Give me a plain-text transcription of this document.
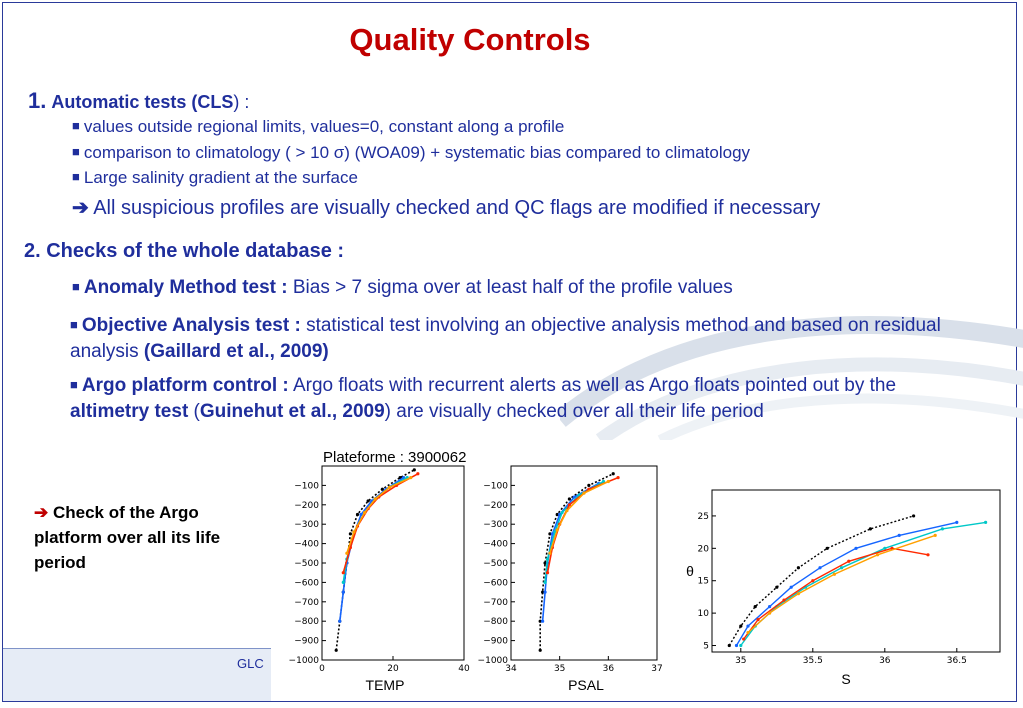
Quality Controls
1. Automatic tests (CLS) :
■ values outside regional limits, values=0, constant along a profile
■ comparison to climatology ( > 10 σ) (WOA09) + systematic bias compared to climatology
■ Large salinity gradient at the surface
➔ All suspicious profiles are visually checked and QC flags are modified if necessary
2. Checks of the whole database :
■ Anomaly Method test : Bias > 7 sigma over at least half of the profile values
■ Objective Analysis test : statistical test involving an objective analysis method and based on residual analysis (Gaillard et al., 2009)
■ Argo platform control : Argo floats with recurrent alerts as well as Argo floats pointed out by the altimetry test (Guinehut et al., 2009) are visually checked over all their life period
➔ Check of the Argo platform over all its life period
GLC
Plateforme : 3900062
0	20	40
−100
−200
−300
−400
−500
−600
−700
−800
−900
−1000
TEMP
34	35	36	37
−100
−200
−300
−400
−500
−600
−700
−800
−900
−1000
PSAL
35	35.5	36	36.5
5
10
15
20
25
S
θ
